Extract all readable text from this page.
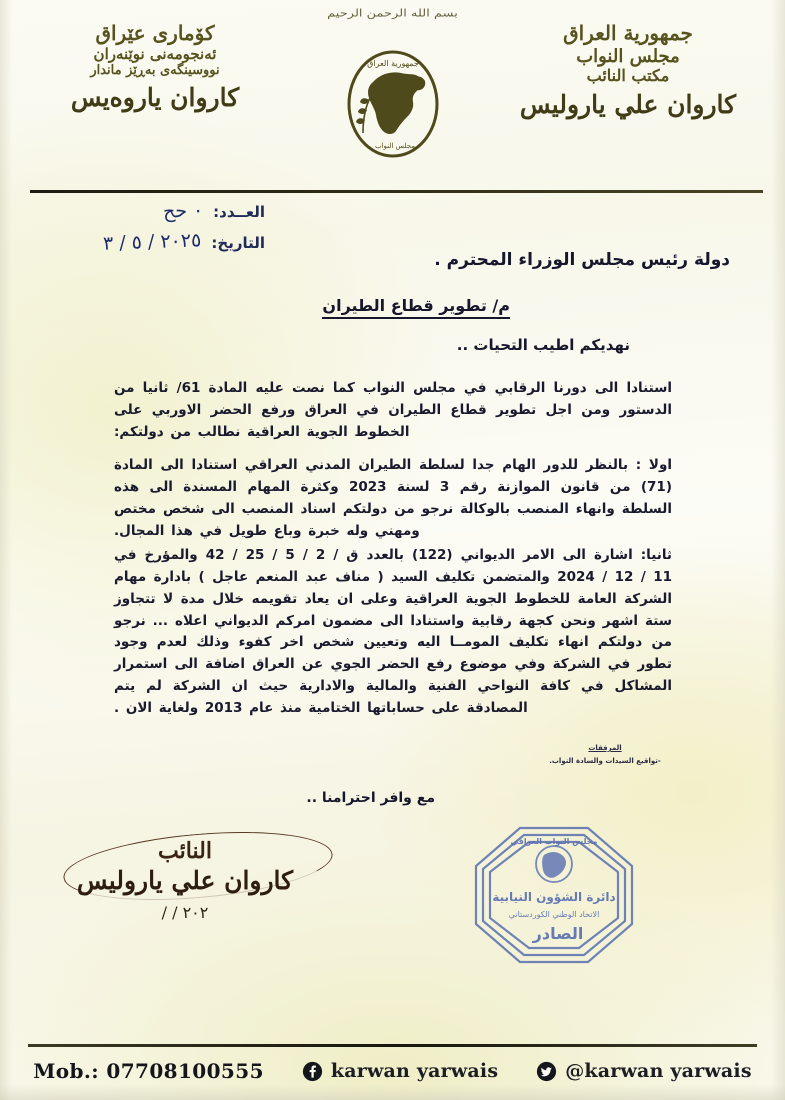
بسم الله الرحمن الرحيم
جمهورية العراق
مجلس النواب
جمهورية العراق
مجلس النواب
مكتب النائب
كاروان علي ياروليس
كۆماری عێراق
ئه‌نجومه‌نی نوێنه‌ران
نووسینگه‌ی به‌ڕێز ماندار
كاروان ياروه‌يس
العــدد:
٠ حح
التاريخ:
٢٠٢٥ / ٥ / ٣
دولة رئيس مجلس الوزراء المحترم .
م/ تطوير قطاع الطيران
نهديكم اطيب التحيات ..
استنادا الى دورنا الرقابي في مجلس النواب كما نصت عليه المادة 61/ ثانيا من الدستور ومن اجل تطوير قطاع الطيران في العراق ورفع الحضر الاوربي على الخطوط الجوية العراقية نطالب من دولتكم:
اولا : بالنظر للدور الهام جدا لسلطة الطيران المدني العراقي استنادا الى المادة (71) من قانون الموازنة رقم 3 لسنة 2023 وكثرة المهام المسندة الى هذه السلطة وانهاء المنصب بالوكالة نرجو من دولتكم اسناد المنصب الى شخص مختص ومهني وله خبرة وباع طويل في هذا المجال.
ثانيا: اشارة الى الامر الديواني (122) بالعدد ق / 2 / 5 / 25 / 42 والمؤرخ في 11 / 12 / 2024 والمتضمن تكليف السيد ( مناف عبد المنعم عاجل ) بادارة مهام الشركة العامة للخطوط الجوية العراقية وعلى ان يعاد تقويمه خلال مدة لا تتجاوز ستة اشهر ونحن كجهة رقابية واستنادا الى مضمون امركم الديواني اعلاه ... نرجو من دولتكم انهاء تكليف المومــا اليه وتعيين شخص اخر كفوء وذلك لعدم وجود تطور في الشركة وفي موضوع رفع الحضر الجوي عن العراق اضافة الى استمرار المشاكل في كافة النواحي الفنية والمالية والادارية حيث ان الشركة لم يتم المصادقة على حساباتها الختامية منذ عام 2013 ولغاية الان .
المرفقات
-تواقيع السيدات والسادة النواب.
مع وافر احترامنا ..
النائب
كاروان علي ياروليس
٢٠٢ / /
مجلس النواب العراقي
دائرة الشؤون النيابية
الاتحاد الوطني الكوردستاني
الصادر
@karwan yarwais
karwan yarwais
Mob.: 07708100555
